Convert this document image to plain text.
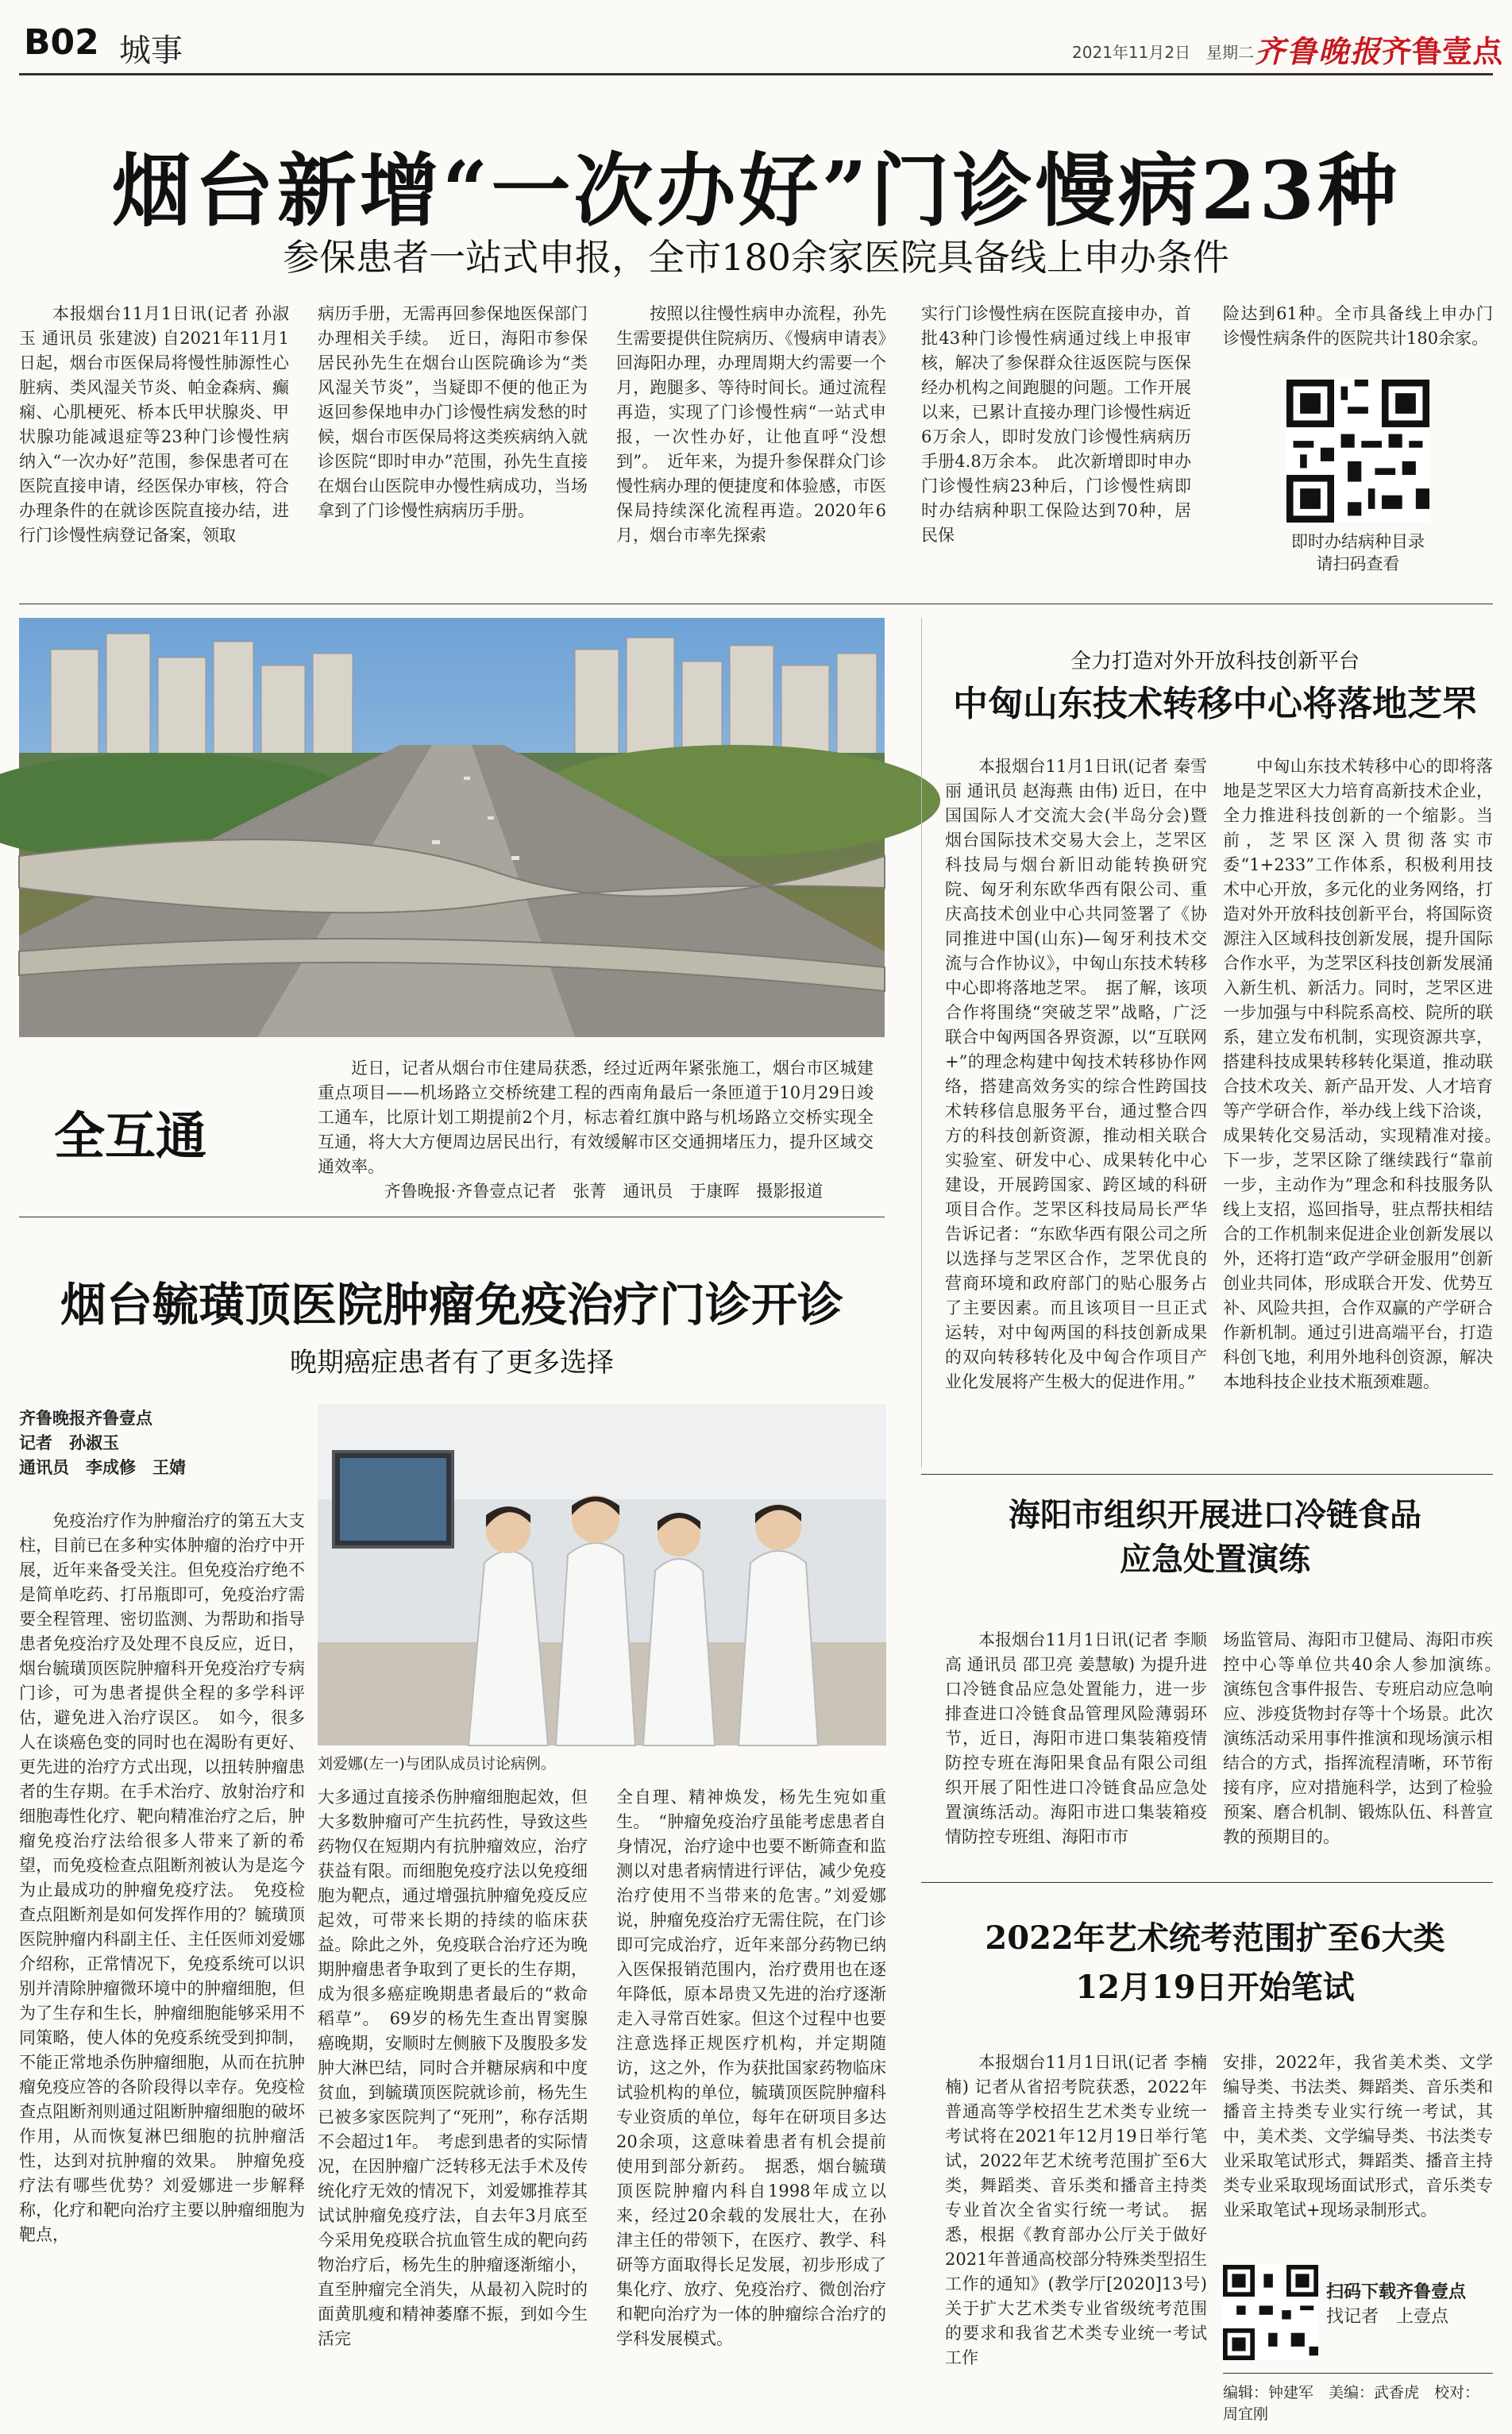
B02 城事	2021年11月2日　星期二 齐鲁晚报 齐鲁壹点
烟台新增“一次办好”门诊慢病23种
参保患者一站式申报，全市180余家医院具备线上申办条件

本报烟台11月1日讯(记者 孙淑玉 通讯员 张建波) 自2021年11月1日起，烟台市医保局将慢性肺源性心脏病、类风湿关节炎、帕金森病、癫痫、心肌梗死、桥本氏甲状腺炎、甲状腺功能减退症等23种门诊慢性病纳入“一次办好”范围，参保患者可在医院直接申请，经医保办审核，符合办理条件的在就诊医院直接办结，进行门诊慢性病登记备案，领取

病历手册，无需再回参保地医保部门办理相关手续。　近日，海阳市参保居民孙先生在烟台山医院确诊为“类风湿关节炎”，当疑即不便的他正为返回参保地申办门诊慢性病发愁的时候，烟台市医保局将这类疾病纳入就诊医院“即时申办”范围，孙先生直接在烟台山医院申办慢性病成功，当场拿到了门诊慢性病病历手册。

按照以往慢性病申办流程，孙先生需要提供住院病历、《慢病申请表》回海阳办理，办理周期大约需要一个月，跑腿多、等待时间长。通过流程再造，实现了门诊慢性病“一站式申报，一次性办好，让他直呼“没想到”。　近年来，为提升参保群众门诊慢性病办理的便捷度和体验感，市医保局持续深化流程再造。2020年6月，烟台市率先探索

实行门诊慢性病在医院直接申办，首批43种门诊慢性病通过线上申报审核，解决了参保群众往返医院与医保经办机构之间跑腿的问题。工作开展以来，已累计直接办理门诊慢性病近6万余人，即时发放门诊慢性病病历手册4.8万余本。　此次新增即时申办门诊慢性病23种后，门诊慢性病即时办结病种职工保险达到70种，居民保

险达到61种。全市具备线上申办门诊慢性病条件的医院共计180余家。

即时办结病种目录
请扫码查看
全互通

近日，记者从烟台市住建局获悉，经过近两年紧张施工，烟台市区城建重点项目——机场路立交桥统建工程的西南角最后一条匝道于10月29日竣工通车，比原计划工期提前2个月，标志着红旗中路与机场路立交桥实现全互通，将大大方便周边居民出行，有效缓解市区交通拥堵压力，提升区域交通效率。

齐鲁晚报·齐鲁壹点记者　张菁　通讯员　于康晖　摄影报道
全力打造对外开放科技创新平台
中匈山东技术转移中心将落地芝罘

本报烟台11月1日讯(记者 秦雪丽 通讯员 赵海燕 由伟) 近日，在中国国际人才交流大会(半岛分会)暨烟台国际技术交易大会上，芝罘区科技局与烟台新旧动能转换研究院、匈牙利东欧华西有限公司、重庆高技术创业中心共同签署了《协同推进中国(山东)—匈牙利技术交流与合作协议》，中匈山东技术转移中心即将落地芝罘。　据了解，该项合作将围绕“突破芝罘”战略，广泛联合中匈两国各界资源，以“互联网+”的理念构建中匈技术转移协作网络，搭建高效务实的综合性跨国技术转移信息服务平台，通过整合四方的科技创新资源，推动相关联合实验室、研发中心、成果转化中心建设，开展跨国家、跨区域的科研项目合作。芝罘区科技局局长严华告诉记者：“东欧华西有限公司之所以选择与芝罘区合作，芝罘优良的营商环境和政府部门的贴心服务占了主要因素。而且该项目一旦正式运转，对中匈两国的科技创新成果的双向转移转化及中匈合作项目产业化发展将产生极大的促进作用。”

中匈山东技术转移中心的即将落地是芝罘区大力培育高新技术企业，全力推进科技创新的一个缩影。当前，芝罘区深入贯彻落实市委“1+233”工作体系，积极利用技术中心开放，多元化的业务网络，打造对外开放科技创新平台，将国际资源注入区域科技创新发展，提升国际合作水平，为芝罘区科技创新发展涌入新生机、新活力。同时，芝罘区进一步加强与中科院系高校、院所的联系，建立发布机制，实现资源共享，搭建科技成果转移转化渠道，推动联合技术攻关、新产品开发、人才培育等产学研合作，举办线上线下洽谈，成果转化交易活动，实现精准对接。　下一步，芝罘区除了继续践行“靠前一步，主动作为”理念和科技服务队线上支招，巡回指导，驻点帮扶相结合的工作机制来促进企业创新发展以外，还将打造“政产学研金服用”创新创业共同体，形成联合开发、优势互补、风险共担，合作双赢的产学研合作新机制。通过引进高端平台，打造科创飞地，利用外地科创资源，解决本地科技企业技术瓶颈难题。

海阳市组织开展进口冷链食品
应急处置演练

本报烟台11月1日讯(记者 李顺高 通讯员 邵卫亮 姜慧敏) 为提升进口冷链食品应急处置能力，进一步排查进口冷链食品管理风险薄弱环节，近日，海阳市进口集装箱疫情防控专班在海阳果食品有限公司组织开展了阳性进口冷链食品应急处置演练活动。海阳市进口集装箱疫情防控专班组、海阳市市

场监管局、海阳市卫健局、海阳市疾控中心等单位共40余人参加演练。　演练包含事件报告、专班启动应急响应、涉疫货物封存等十个场景。此次演练活动采用事件推演和现场演示相结合的方式，指挥流程清晰，环节衔接有序，应对措施科学，达到了检验预案、磨合机制、锻炼队伍、科普宣教的预期目的。

2022年艺术统考范围扩至6大类
12月19日开始笔试

本报烟台11月1日讯(记者 李楠楠) 记者从省招考院获悉，2022年普通高等学校招生艺术类专业统一考试将在2021年12月19日举行笔试，2022年艺术统考范围扩至6大类，舞蹈类、音乐类和播音主持类专业首次全省实行统一考试。　据悉，根据《教育部办公厅关于做好2021年普通高校部分特殊类型招生工作的通知》(教学厅[2020]13号)关于扩大艺术类专业省级统考范围的要求和我省艺术类专业统一考试工作

安排，2022年，我省美术类、文学编导类、书法类、舞蹈类、音乐类和播音主持类专业实行统一考试，其中，美术类、文学编导类、书法类专业采取笔试形式，舞蹈类、播音主持类专业采取现场面试形式，音乐类专业采取笔试+现场录制形式。

扫码下载齐鲁壹点
找记者　上壹点
编辑：钟建军　美编：武香虎　校对：周宜刚
烟台毓璜顶医院肿瘤免疫治疗门诊开诊
晚期癌症患者有了更多选择
齐鲁晚报齐鲁壹点
记者　孙淑玉
通讯员　李成修　王婧
刘爱娜(左一)与团队成员讨论病例。

免疫治疗作为肿瘤治疗的第五大支柱，目前已在多种实体肿瘤的治疗中开展，近年来备受关注。但免疫治疗绝不是简单吃药、打吊瓶即可，免疫治疗需要全程管理、密切监测、为帮助和指导患者免疫治疗及处理不良反应，近日，烟台毓璜顶医院肿瘤科开免疫治疗专病门诊，可为患者提供全程的多学科评估，避免进入治疗误区。　如今，很多人在谈癌色变的同时也在渴盼有更好、更先进的治疗方式出现，以扭转肿瘤患者的生存期。在手术治疗、放射治疗和细胞毒性化疗、靶向精准治疗之后，肿瘤免疫治疗法给很多人带来了新的希望，而免疫检查点阻断剂被认为是迄今为止最成功的肿瘤免疫疗法。　免疫检查点阻断剂是如何发挥作用的？毓璜顶医院肿瘤内科副主任、主任医师刘爱娜介绍称，正常情况下，免疫系统可以识别并清除肿瘤微环境中的肿瘤细胞，但为了生存和生长，肿瘤细胞能够采用不同策略，使人体的免疫系统受到抑制，不能正常地杀伤肿瘤细胞，从而在抗肿瘤免疫应答的各阶段得以幸存。免疫检查点阻断剂则通过阻断肿瘤细胞的破坏作用，从而恢复淋巴细胞的抗肿瘤活性，达到对抗肿瘤的效果。　肿瘤免疫疗法有哪些优势？刘爱娜进一步解释称，化疗和靶向治疗主要以肿瘤细胞为靶点，

大多通过直接杀伤肿瘤细胞起效，但大多数肿瘤可产生抗药性，导致这些药物仅在短期内有抗肿瘤效应，治疗获益有限。而细胞免疫疗法以免疫细胞为靶点，通过增强抗肿瘤免疫反应起效，可带来长期的持续的临床获益。除此之外，免疫联合治疗还为晚期肿瘤患者争取到了更长的生存期，成为很多癌症晚期患者最后的“救命稻草”。　69岁的杨先生查出胃窦腺癌晚期，安顺时左侧腋下及腹股多发肿大淋巴结，同时合并糖尿病和中度贫血，到毓璜顶医院就诊前，杨先生已被多家医院判了“死刑”，称存活期不会超过1年。　考虑到患者的实际情况，在因肿瘤广泛转移无法手术及传统化疗无效的情况下，刘爱娜推荐其试试肿瘤免疫疗法，自去年3月底至今采用免疫联合抗血管生成的靶向药物治疗后，杨先生的肿瘤逐渐缩小，直至肿瘤完全消失，从最初入院时的面黄肌瘦和精神萎靡不振，到如今生活完

全自理、精神焕发，杨先生宛如重生。　“肿瘤免疫治疗虽能考虑患者自身情况，治疗途中也要不断筛查和监测以对患者病情进行评估，减少免疫治疗使用不当带来的危害。”刘爱娜说，肿瘤免疫治疗无需住院，在门诊即可完成治疗，近年来部分药物已纳入医保报销范围内，治疗费用也在逐年降低，原本昂贵又先进的治疗逐渐走入寻常百姓家。但这个过程中也要注意选择正规医疗机构，并定期随访，这之外，作为获批国家药物临床试验机构的单位，毓璜顶医院肿瘤科专业资质的单位，每年在研项目多达20余项，这意味着患者有机会提前使用到部分新药。　据悉，烟台毓璜顶医院肿瘤内科自1998年成立以来，经过20余载的发展壮大，在孙津主任的带领下，在医疗、教学、科研等方面取得长足发展，初步形成了集化疗、放疗、免疫治疗、微创治疗和靶向治疗为一体的肿瘤综合治疗的学科发展模式。
